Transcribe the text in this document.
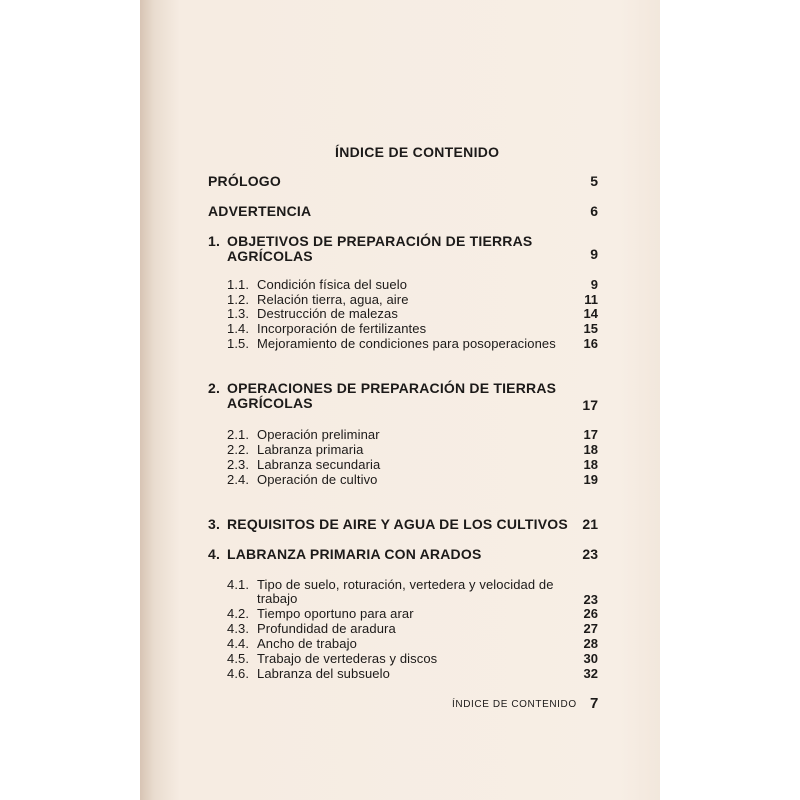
ÍNDICE DE CONTENIDO
PRÓLOGO	5
ADVERTENCIA	6
1. OBJETIVOS DE PREPARACIÓN DE TIERRAS
AGRÍCOLAS	9
1.1. Condición física del suelo	9
1.2. Relación tierra, agua, aire	11
1.3. Destrucción de malezas	14
1.4. Incorporación de fertilizantes	15
1.5. Mejoramiento de condiciones para posoperaciones	16
2. OPERACIONES DE PREPARACIÓN DE TIERRAS
AGRÍCOLAS	17
2.1. Operación preliminar	17
2.2. Labranza primaria	18
2.3. Labranza secundaria	18
2.4. Operación de cultivo	19
3. REQUISITOS DE AIRE Y AGUA DE LOS CULTIVOS	21
4. LABRANZA PRIMARIA CON ARADOS	23
4.1. Tipo de suelo, roturación, vertedera y velocidad de
trabajo	23
4.2. Tiempo oportuno para arar	26
4.3. Profundidad de aradura	27
4.4. Ancho de trabajo	28
4.5. Trabajo de vertederas y discos	30
4.6. Labranza del subsuelo	32
ÍNDICE DE CONTENIDO 7
